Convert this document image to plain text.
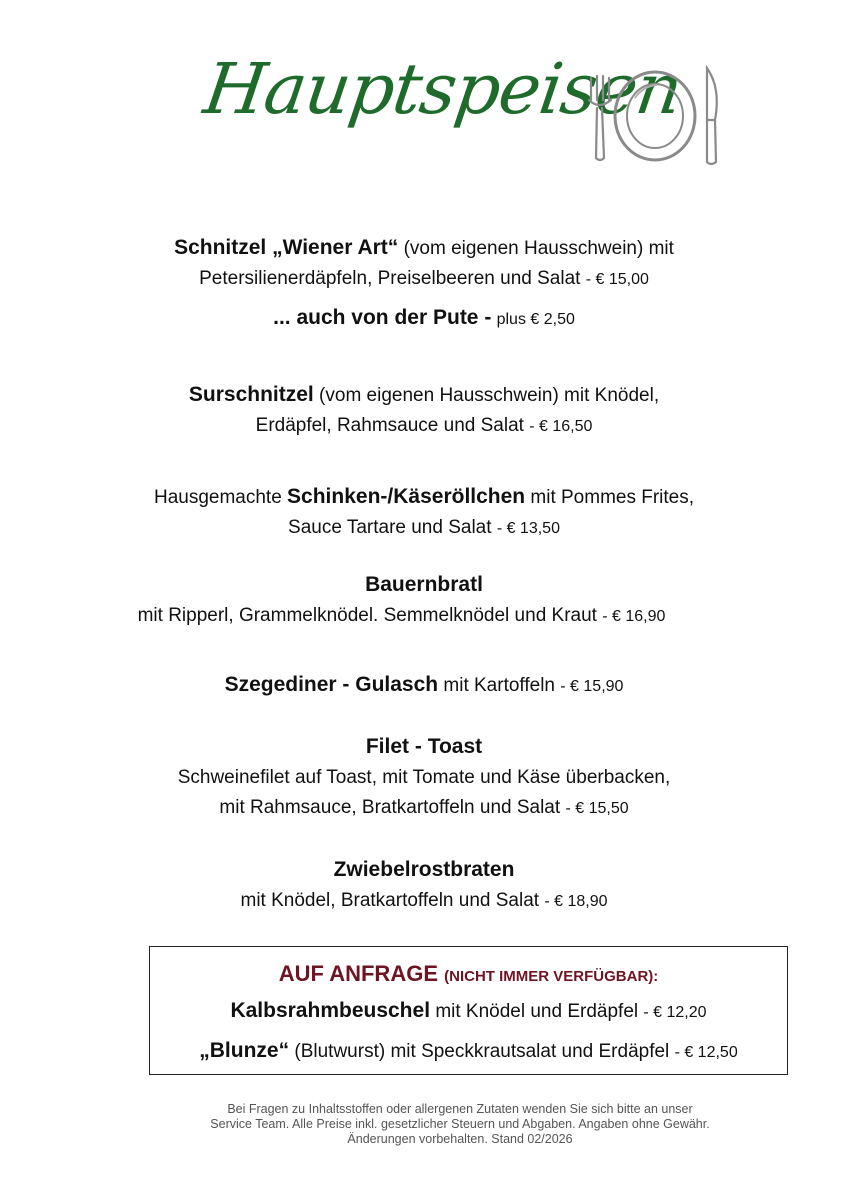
Hauptspeisen
Schnitzel „Wiener Art“ (vom eigenen Hausschwein) mit
Petersilienerdäpfeln, Preiselbeeren und Salat - € 15,00
... auch von der Pute - plus € 2,50
Surschnitzel (vom eigenen Hausschwein) mit Knödel,
Erdäpfel, Rahmsauce und Salat - € 16,50
Hausgemachte Schinken-/Käseröllchen mit Pommes Frites,
Sauce Tartare und Salat - € 13,50
Bauernbratl
mit Ripperl, Grammelknödel. Semmelknödel und Kraut - € 16,90
Szegediner - Gulasch mit Kartoffeln - € 15,90
Filet - Toast
Schweinefilet auf Toast, mit Tomate und Käse überbacken,
mit Rahmsauce, Bratkartoffeln und Salat - € 15,50
Zwiebelrostbraten
mit Knödel, Bratkartoffeln und Salat - € 18,90
AUF ANFRAGE (NICHT IMMER VERFÜGBAR):
Kalbsrahmbeuschel mit Knödel und Erdäpfel - € 12,20
„Blunze“ (Blutwurst) mit Speckkrautsalat und Erdäpfel - € 12,50
Bei Fragen zu Inhaltsstoffen oder allergenen Zutaten wenden Sie sich bitte an unser
Service Team. Alle Preise inkl. gesetzlicher Steuern und Abgaben. Angaben ohne Gewähr.
Änderungen vorbehalten. Stand 02/2026
